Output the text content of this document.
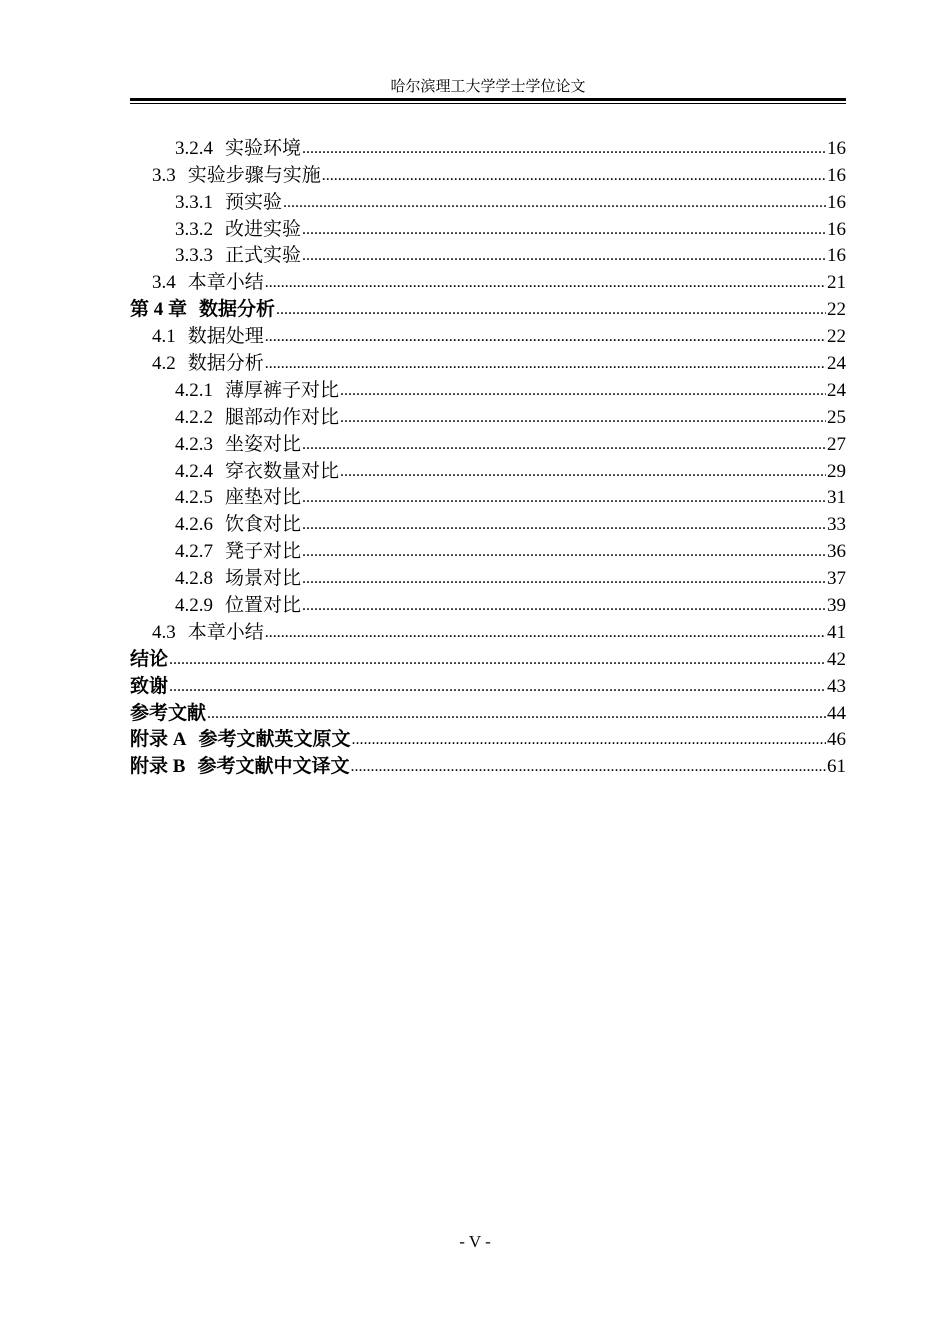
哈尔滨理工大学学士学位论文
3.2.4 实验环境 .....	16
3.3 实验步骤与实施 .....	16
3.3.1 预实验 .....	16
3.3.2 改进实验 .....	16
3.3.3 正式实验 .....	16
3.4 本章小结 .....	21
第 4 章 数据分析 .....	22
4.1 数据处理 .....	22
4.2 数据分析 .....	24
4.2.1 薄厚裤子对比 .....	24
4.2.2 腿部动作对比 .....	25
4.2.3 坐姿对比 .....	27
4.2.4 穿衣数量对比 .....	29
4.2.5 座垫对比 .....	31
4.2.6 饮食对比 .....	33
4.2.7 凳子对比 .....	36
4.2.8 场景对比 .....	37
4.2.9 位置对比 .....	39
4.3 本章小结 .....	41
结论 .....	42
致谢 .....	43
参考文献 .....	44
附录 A 参考文献英文原文 .....	46
附录 B 参考文献中文译文 .....	61
- V -
